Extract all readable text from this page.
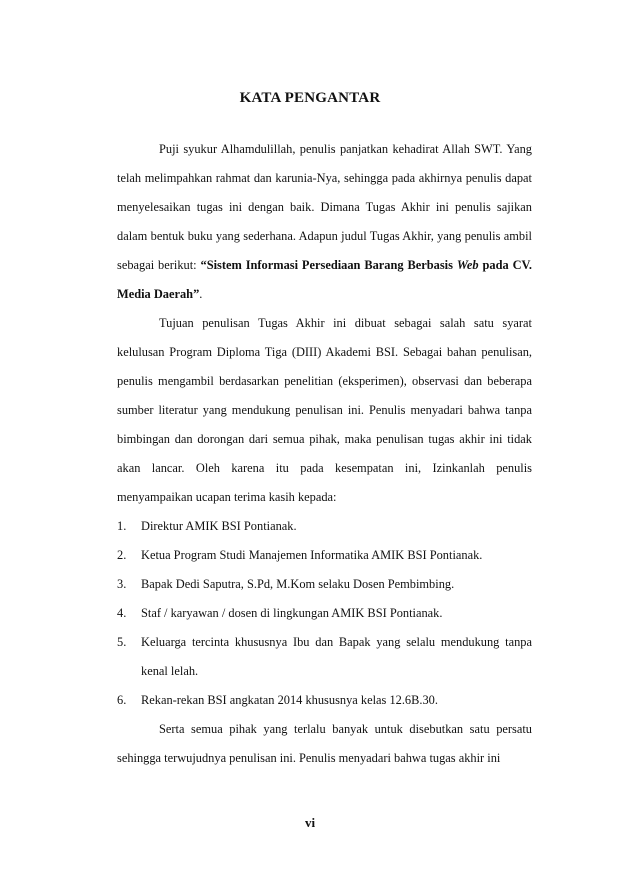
KATA PENGANTAR

Puji syukur Alhamdulillah, penulis panjatkan kehadirat Allah SWT. Yang telah melimpahkan rahmat dan karunia-Nya, sehingga pada akhirnya penulis dapat menyelesaikan tugas ini dengan baik. Dimana Tugas Akhir ini penulis sajikan dalam bentuk buku yang sederhana. Adapun judul Tugas Akhir, yang penulis ambil sebagai berikut: “Sistem Informasi Persediaan Barang Berbasis Web pada CV. Media Daerah”.

Tujuan penulisan Tugas Akhir ini dibuat sebagai salah satu syarat kelulusan Program Diploma Tiga (DIII) Akademi BSI. Sebagai bahan penulisan, penulis mengambil berdasarkan penelitian (eksperimen), observasi dan beberapa sumber literatur yang mendukung penulisan ini. Penulis menyadari bahwa tanpa bimbingan dan dorongan dari semua pihak, maka penulisan tugas akhir ini tidak akan lancar. Oleh karena itu pada kesempatan ini, Izinkanlah penulis menyampaikan ucapan terima kasih kepada:

1. Direktur AMIK BSI Pontianak.
2. Ketua Program Studi Manajemen Informatika AMIK BSI Pontianak.
3. Bapak Dedi Saputra, S.Pd, M.Kom selaku Dosen Pembimbing.
4. Staf / karyawan / dosen di lingkungan AMIK BSI Pontianak.
5. Keluarga tercinta khususnya Ibu dan Bapak yang selalu mendukung tanpa kenal lelah.
6. Rekan-rekan BSI angkatan 2014 khususnya kelas 12.6B.30.

Serta semua pihak yang terlalu banyak untuk disebutkan satu persatu sehingga terwujudnya penulisan ini. Penulis menyadari bahwa tugas akhir ini

vi
